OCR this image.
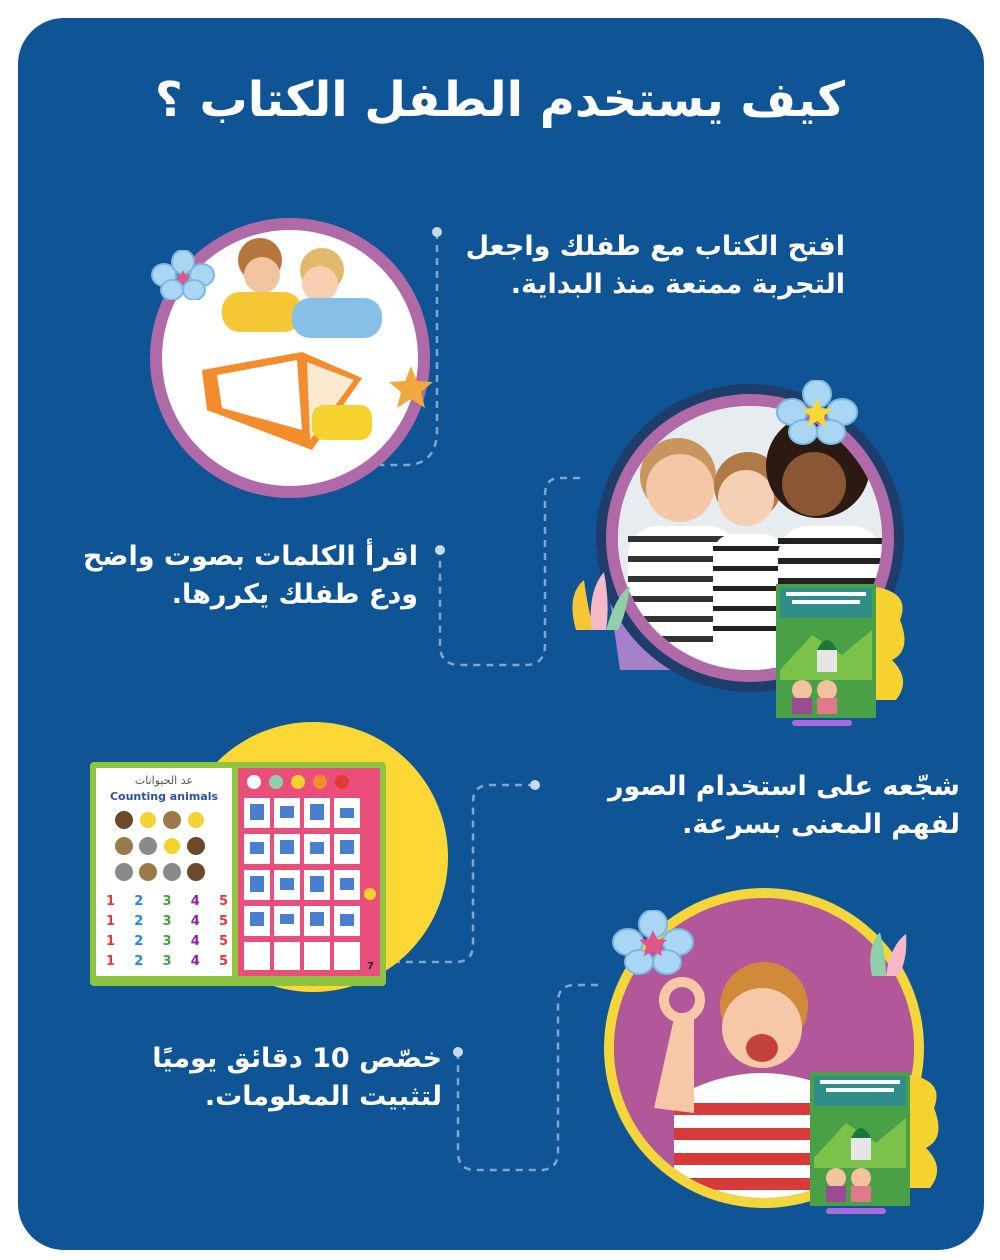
كيف يستخدم الطفل الكتاب ؟
افتح الكتاب مع طفلك واجعل
التجربة ممتعة منذ البداية.
اقرأ الكلمات بصوت واضح
ودع طفلك يكررها.
شجّعه على استخدام الصور
لفهم المعنى بسرعة.
عد الحيوانات
Counting animals
1 2 3 4 5
1 2 3 4 5
1 2 3 4 5
1 2 3 4 5	7
خصّص 10 دقائق يوميًا
لتثبيت المعلومات.
